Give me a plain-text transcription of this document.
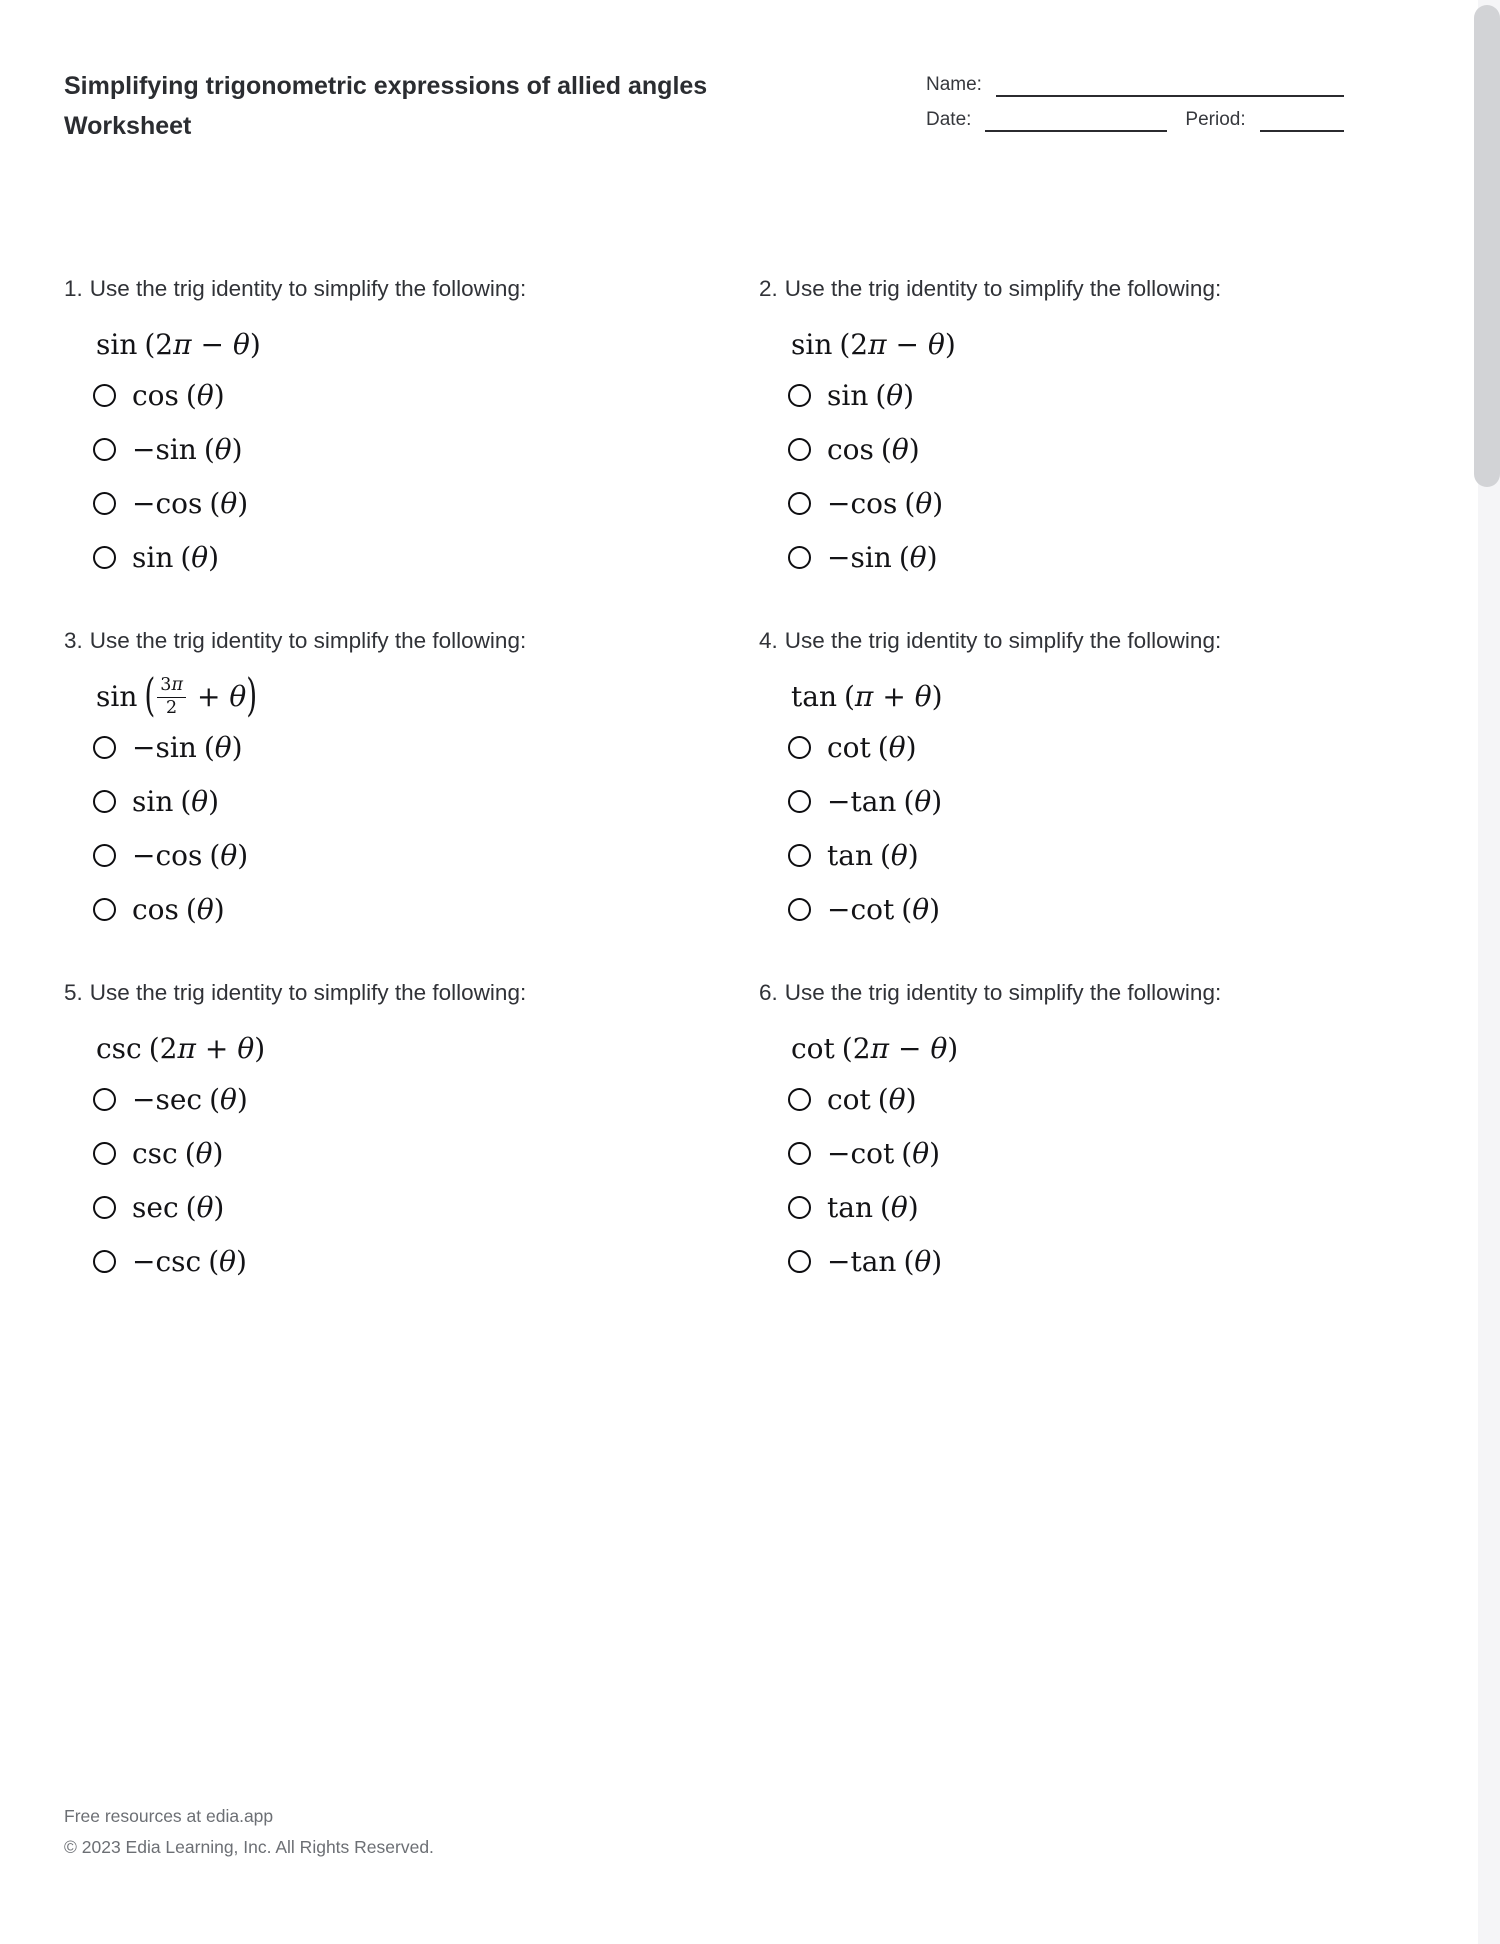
Simplifying trigonometric expressions of allied angles
Worksheet
Name:
Date:	Period:
1. Use the trig identity to simplify the following:
sin ( 2 π − θ )
cos ( θ )
− sin ( θ )
− cos ( θ )
sin ( θ )
2. Use the trig identity to simplify the following:
sin ( 2 π − θ )
sin ( θ )
cos ( θ )
− cos ( θ )
− sin ( θ )
3. Use the trig identity to simplify the following:
sin ( 3 π
2 + θ )
− sin ( θ )
sin ( θ )
− cos ( θ )
cos ( θ )
4. Use the trig identity to simplify the following:
tan ( π + θ )
cot ( θ )
− tan ( θ )
tan ( θ )
− cot ( θ )
5. Use the trig identity to simplify the following:
csc ( 2 π + θ )
− sec ( θ )
csc ( θ )
sec ( θ )
− csc ( θ )
6. Use the trig identity to simplify the following:
cot ( 2 π − θ )
cot ( θ )
− cot ( θ )
tan ( θ )
− tan ( θ )
Free resources at edia.app
© 2023 Edia Learning, Inc. All Rights Reserved.
